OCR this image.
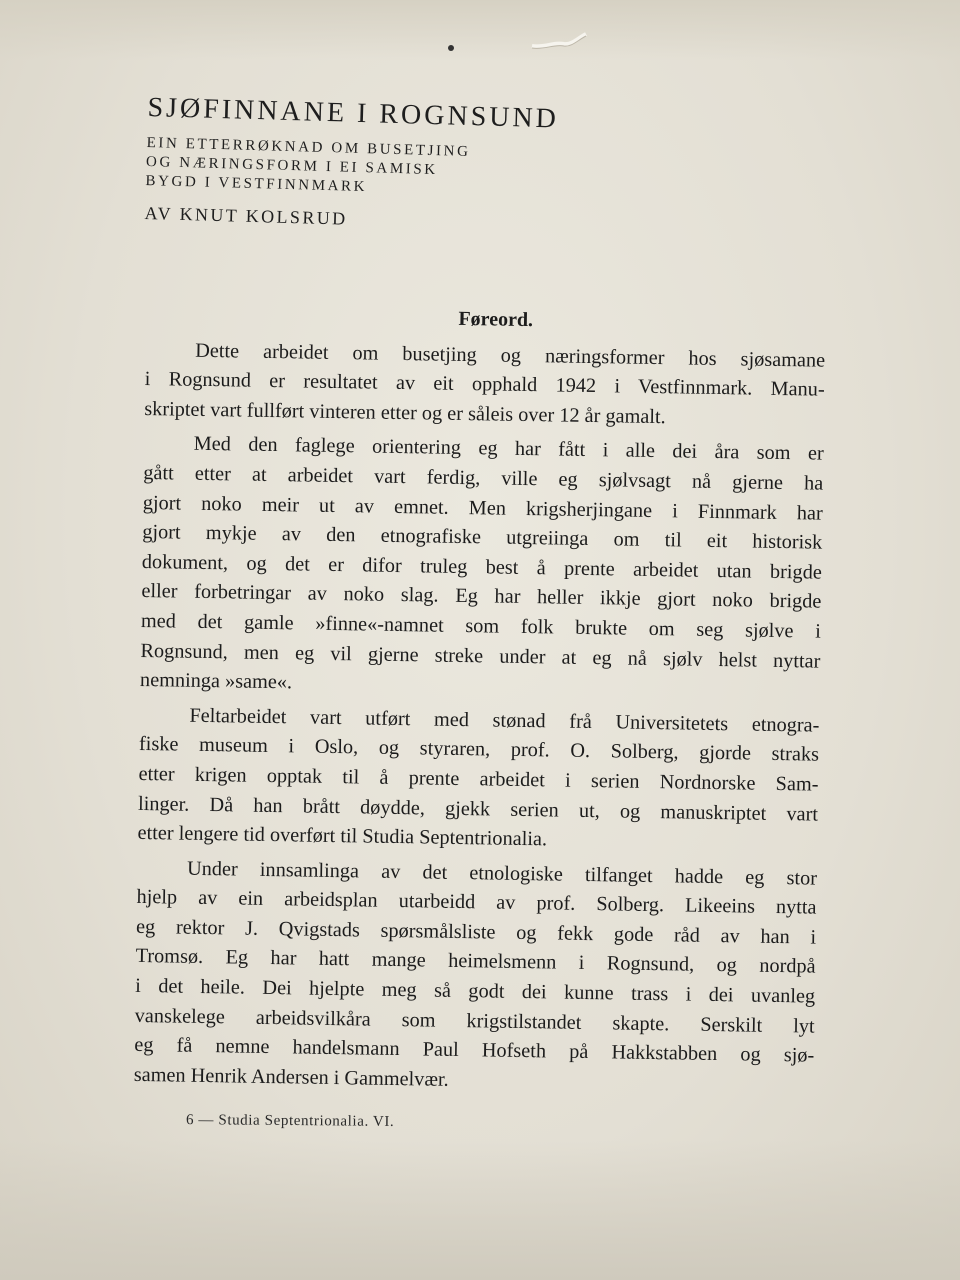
SJØFINNANE I ROGNSUND
EIN ETTERRØKNAD OM BUSETJING
OG NÆRINGSFORM I EI SAMISK
BYGD I VESTFINNMARK
AV KNUT KOLSRUD
Føreord.
Dette arbeidet om busetjing og næringsformer hos sjøsamane
i Rognsund er resultatet av eit opphald 1942 i Vestfinnmark. Manu-
skriptet vart fullført vinteren etter og er såleis over 12 år gamalt.
Med den faglege orientering eg har fått i alle dei åra som er
gått etter at arbeidet vart ferdig, ville eg sjølvsagt nå gjerne ha
gjort noko meir ut av emnet. Men krigsherjingane i Finnmark har
gjort mykje av den etnografiske utgreiinga om til eit historisk
dokument, og det er difor truleg best å prente arbeidet utan brigde
eller forbetringar av noko slag. Eg har heller ikkje gjort noko brigde
med det gamle »finne«-namnet som folk brukte om seg sjølve i
Rognsund, men eg vil gjerne streke under at eg nå sjølv helst nyttar
nemninga »same«.
Feltarbeidet vart utført med stønad frå Universitetets etnogra-
fiske museum i Oslo, og styraren, prof. O. Solberg, gjorde straks
etter krigen opptak til å prente arbeidet i serien Nordnorske Sam-
linger. Då han brått døydde, gjekk serien ut, og manuskriptet vart
etter lengere tid overført til Studia Septentrionalia.
Under innsamlinga av det etnologiske tilfanget hadde eg stor
hjelp av ein arbeidsplan utarbeidd av prof. Solberg. Likeeins nytta
eg rektor J. Qvigstads spørsmålsliste og fekk gode råd av han i
Tromsø. Eg har hatt mange heimelsmenn i Rognsund, og nordpå
i det heile. Dei hjelpte meg så godt dei kunne trass i dei uvanleg
vanskelege arbeidsvilkåra som krigstilstandet skapte. Serskilt lyt
eg få nemne handelsmann Paul Hofseth på Hakkstabben og sjø-
samen Henrik Andersen i Gammelvær.
6 — Studia Septentrionalia. VI.
